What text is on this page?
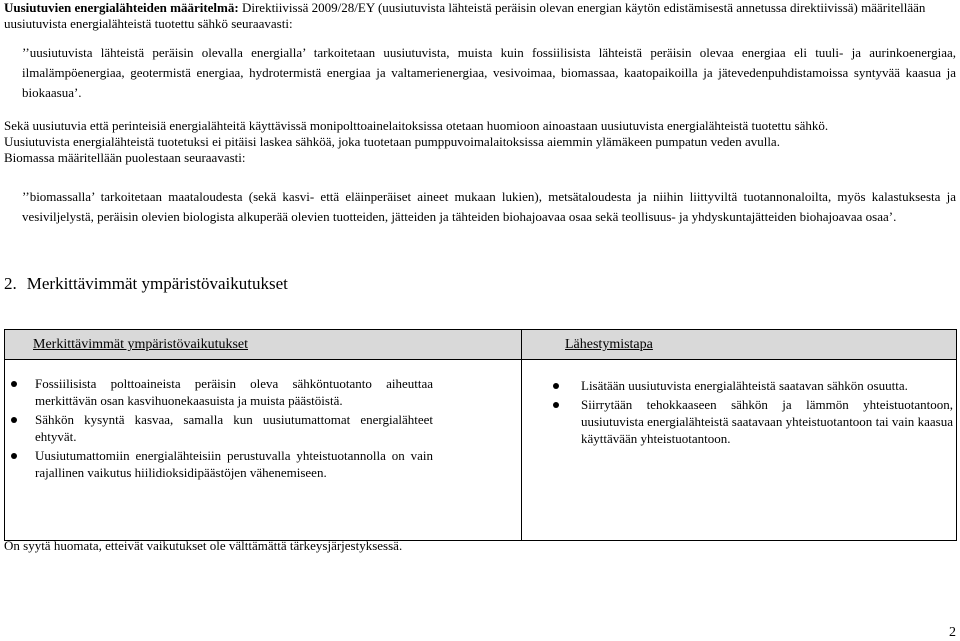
Uusiutuvien energialähteiden määritelmä: Direktiivissä 2009/28/EY (uusiutuvista lähteistä peräisin olevan energian käytön edistämisestä annetussa direktiivissä) määritellään uusiutuvista energialähteistä tuotettu sähkö seuraavasti:

’’uusiutuvista lähteistä peräisin olevalla energialla’ tarkoitetaan uusiutuvista, muista kuin fossiilisista lähteistä peräisin olevaa energiaa eli tuuli- ja aurinkoenergiaa, ilmalämpöenergiaa, geotermistä energiaa, hydrotermistä energiaa ja valtamerienergiaa, vesivoimaa, biomassaa, kaatopaikoilla ja jätevedenpuhdistamoissa syntyvää kaasua ja biokaasua’.

Sekä uusiutuvia että perinteisiä energialähteitä käyttävissä monipolttoainelaitoksissa otetaan huomioon ainoastaan uusiutuvista energialähteistä tuotettu sähkö.

Uusiutuvista energialähteistä tuotetuksi ei pitäisi laskea sähköä, joka tuotetaan pumppuvoimalaitoksissa aiemmin ylämäkeen pumpatun veden avulla.

Biomassa määritellään puolestaan seuraavasti:

’’biomassalla’ tarkoitetaan maataloudesta (sekä kasvi- että eläinperäiset aineet mukaan lukien), metsätaloudesta ja niihin liittyviltä tuotannonaloilta, myös kalastuksesta ja vesiviljelystä, peräisin olevien biologista alkuperää olevien tuotteiden, jätteiden ja tähteiden biohajoavaa osaa sekä teollisuus- ja yhdyskuntajätteiden biohajoavaa osaa’.

2. Merkittävimmät ympäristövaikutukset
Merkittävimmät ympäristövaikutukset	Lähestymistapa
Fossiilisista polttoaineista peräisin oleva sähköntuotanto aiheuttaa merkittävän osan kasvihuonekaasuista ja muista päästöistä.
Sähkön kysyntä kasvaa, samalla kun uusiutumattomat energialähteet ehtyvät.
Uusiutumattomiin energialähteisiin perustuvalla yhteistuotannolla on vain rajallinen vaikutus hiilidioksidipäästöjen vähenemiseen.
Lisätään uusiutuvista energialähteistä saatavan sähkön osuutta.
Siirrytään tehokkaaseen sähkön ja lämmön yhteistuotantoon, uusiutuvista energialähteistä saatavaan yhteistuotantoon tai vain kaasua käyttävään yhteistuotantoon.

On syytä huomata, etteivät vaikutukset ole välttämättä tärkeysjärjestyksessä.

2
